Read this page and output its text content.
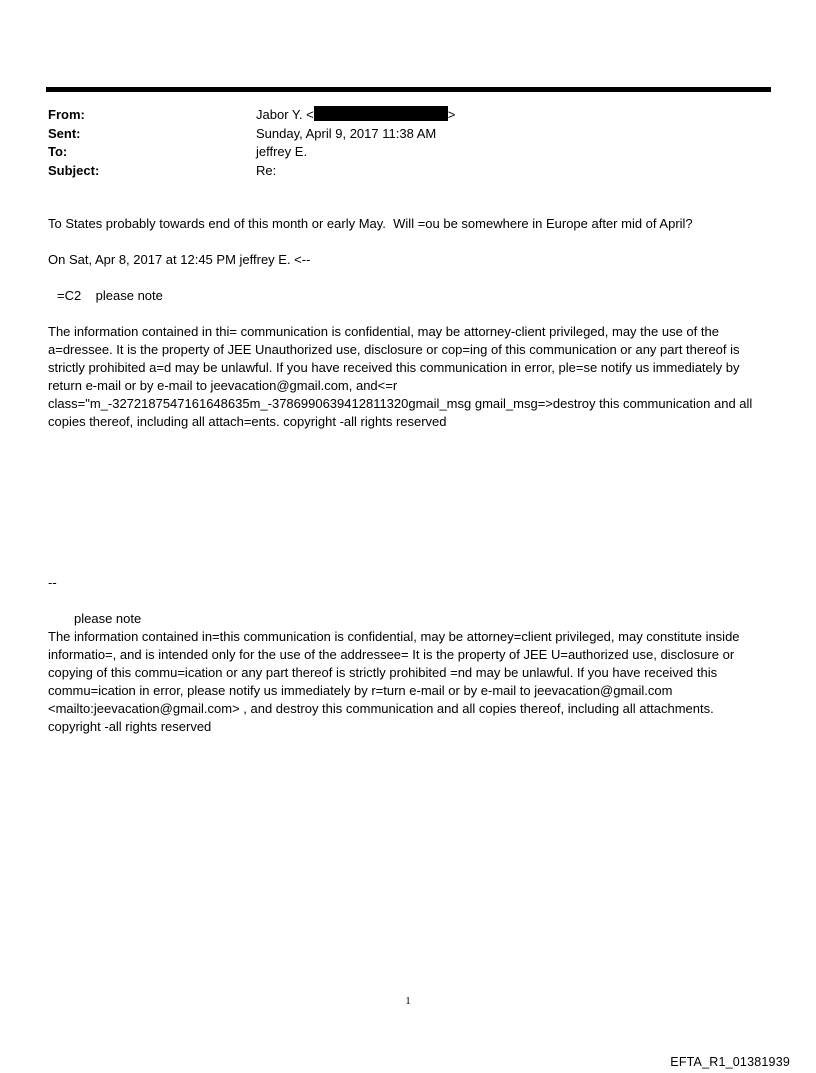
From:	Jabor Y. <	>
Sent:	Sunday, April 9, 2017 11:38 AM
To:	jeffrey E.
Subject:	Re:
To States probably towards end of this month or early May.  Will =ou be somewhere in Europe after mid of April?
On Sat, Apr 8, 2017 at 12:45 PM jeffrey E. <--
=C2    please note
The information contained in thi= communication is confidential, may be attorney-client privileged, may the use of the a=dressee. It is the property of JEE Unauthorized use, disclosure or cop=ing of this communication or any part thereof is strictly prohibited a=d may be unlawful. If you have received this communication in error, ple=se notify us immediately by return e-mail or by e-mail to jeevacation@gmail.com, and<=r class="m_-3272187547161648635m_-3786990639412811320gmail_msg gmail_msg=>destroy this communication and all copies thereof, including all attach=ents. copyright -all rights reserved
--
please note
The information contained in=this communication is confidential, may be attorney=client privileged, may constitute inside informatio=, and is intended only for the use of the addressee= It is the property of JEE U=authorized use, disclosure or copying of this commu=ication or any part thereof is strictly prohibited =nd may be unlawful. If you have received this commu=ication in error, please notify us immediately by r=turn e-mail or by e-mail to jeevacation@gmail.com <mailto:jeevacation@gmail.com> , and destroy this communication and all copies thereof, including all attachments. copyright -all rights reserved
1
EFTA_R1_01381939
